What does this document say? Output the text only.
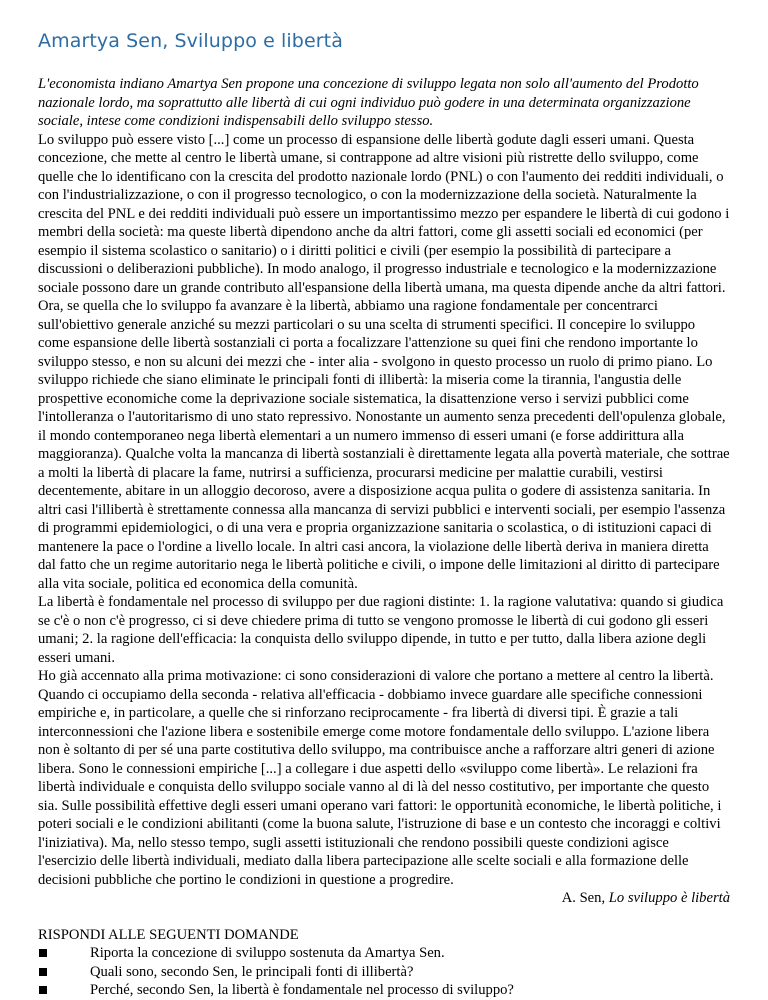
Amartya Sen, Sviluppo e libertà

L'economista indiano Amartya Sen propone una concezione di sviluppo legata non solo all'aumento del Prodotto nazionale lordo, ma soprattutto alle libertà di cui ogni individuo può godere in una determinata organizzazione sociale, intese come condizioni indispensabili dello sviluppo stesso.

Lo sviluppo può essere visto [...] come un processo di espansione delle libertà godute dagli esseri umani. Questa concezione, che mette al centro le libertà umane, si contrappone ad altre visioni più ristrette dello sviluppo, come quelle che lo identificano con la crescita del prodotto nazionale lordo (PNL) o con l'aumento dei redditi individuali, o con l'industrializzazione, o con il progresso tecnologico, o con la modernizzazione della società. Naturalmente la crescita del PNL e dei redditi individuali può essere un importantissimo mezzo per espandere le libertà di cui godono i membri della società: ma queste libertà dipendono anche da altri fattori, come gli assetti sociali ed economici (per esempio il sistema scolastico o sanitario) o i diritti politici e civili (per esempio la possibilità di partecipare a discussioni o deliberazioni pubbliche). In modo analogo, il progresso industriale e tecnologico e la modernizzazione sociale possono dare un grande contributo all'espansione della libertà umana, ma questa dipende anche da altri fattori. Ora, se quella che lo sviluppo fa avanzare è la libertà, abbiamo una ragione fondamentale per concentrarci sull'obiettivo generale anziché su mezzi particolari o su una scelta di strumenti specifici. Il concepire lo sviluppo come espansione delle libertà sostanziali ci porta a focalizzare l'attenzione su quei fini che rendono importante lo sviluppo stesso, e non su alcuni dei mezzi che - inter alia - svolgono in questo processo un ruolo di primo piano. Lo sviluppo richiede che siano eliminate le principali fonti di illibertà: la miseria come la tirannia, l'angustia delle prospettive economiche come la deprivazione sociale sistematica, la disattenzione verso i servizi pubblici come l'intolleranza o l'autoritarismo di uno stato repressivo. Nonostante un aumento senza precedenti dell'opulenza globale, il mondo contemporaneo nega libertà elementari a un numero immenso di esseri umani (e forse addirittura alla maggioranza). Qualche volta la mancanza di libertà sostanziali è direttamente legata alla povertà materiale, che sottrae a molti la libertà di placare la fame, nutrirsi a sufficienza, procurarsi medicine per malattie curabili, vestirsi decentemente, abitare in un alloggio decoroso, avere a disposizione acqua pulita o godere di assistenza sanitaria. In altri casi l'illibertà è strettamente connessa alla mancanza di servizi pubblici e interventi sociali, per esempio l'assenza di programmi epidemiologici, o di una vera e propria organizzazione sanitaria o scolastica, o di istituzioni capaci di mantenere la pace o l'ordine a livello locale. In altri casi ancora, la violazione delle libertà deriva in maniera diretta dal fatto che un regime autoritario nega le libertà politiche e civili, o impone delle limitazioni al diritto di partecipare alla vita sociale, politica ed economica della comunità.

La libertà è fondamentale nel processo di sviluppo per due ragioni distinte: 1. la ragione valutativa: quando si giudica se c'è o non c'è progresso, ci si deve chiedere prima di tutto se vengono promosse le libertà di cui godono gli esseri umani; 2. la ragione dell'efficacia: la conquista dello sviluppo dipende, in tutto e per tutto, dalla libera azione degli esseri umani.

Ho già accennato alla prima motivazione: ci sono considerazioni di valore che portano a mettere al centro la libertà. Quando ci occupiamo della seconda - relativa all'efficacia - dobbiamo invece guardare alle specifiche connessioni empiriche e, in particolare, a quelle che si rinforzano reciprocamente - fra libertà di diversi tipi. È grazie a tali interconnessioni che l'azione libera e sostenibile emerge come motore fondamentale dello sviluppo. L'azione libera non è soltanto di per sé una parte costitutiva dello sviluppo, ma contribuisce anche a rafforzare altri generi di azione libera. Sono le connessioni empiriche [...] a collegare i due aspetti dello «sviluppo come libertà». Le relazioni fra libertà individuale e conquista dello sviluppo sociale vanno al di là del nesso costitutivo, per importante che questo sia. Sulle possibilità effettive degli esseri umani operano vari fattori: le opportunità economiche, le libertà politiche, i poteri sociali e le condizioni abilitanti (come la buona salute, l'istruzione di base e un contesto che incoraggi e coltivi l'iniziativa). Ma, nello stesso tempo, sugli assetti istituzionali che rendono possibili queste condizioni agisce l'esercizio delle libertà individuali, mediato dalla libera partecipazione alle scelte sociali e alla formazione delle decisioni pubbliche che portino le condizioni in questione a progredire.

A. Sen, Lo sviluppo è libertà

RISPONDI ALLE SEGUENTI DOMANDE

Riporta la concezione di sviluppo sostenuta da Amartya Sen.
Quali sono, secondo Sen, le principali fonti di illibertà?
Perché, secondo Sen, la libertà è fondamentale nel processo di sviluppo?
